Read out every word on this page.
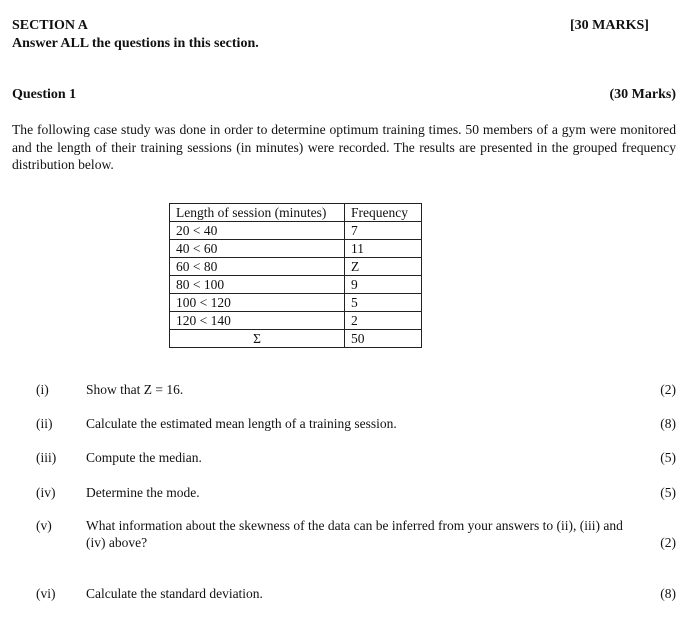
SECTION A	[30 MARKS]
Answer ALL the questions in this section.
Question 1	(30 Marks)
The following case study was done in order to determine optimum training times. 50 members of a gym were monitored and the length of their training sessions (in minutes) were recorded. The results are presented in the grouped frequency distribution below.
Length of session (minutes)	Frequency
20 < 40	7
40 < 60	11
60 < 80	Z
80 < 100	9
100 < 120	5
120 < 140	2
Σ	50
(i)	Show that Z = 16.	(2)
(ii) Calculate the estimated mean length of a training session.	(8)
(iii) Compute the median.	(5)
(iv) Determine the mode.	(5)
(v)	What information about the skewness of the data can be inferred from your answers to (ii), (iii) and
(iv) above?	(2)
(vi) Calculate the standard deviation.	(8)
